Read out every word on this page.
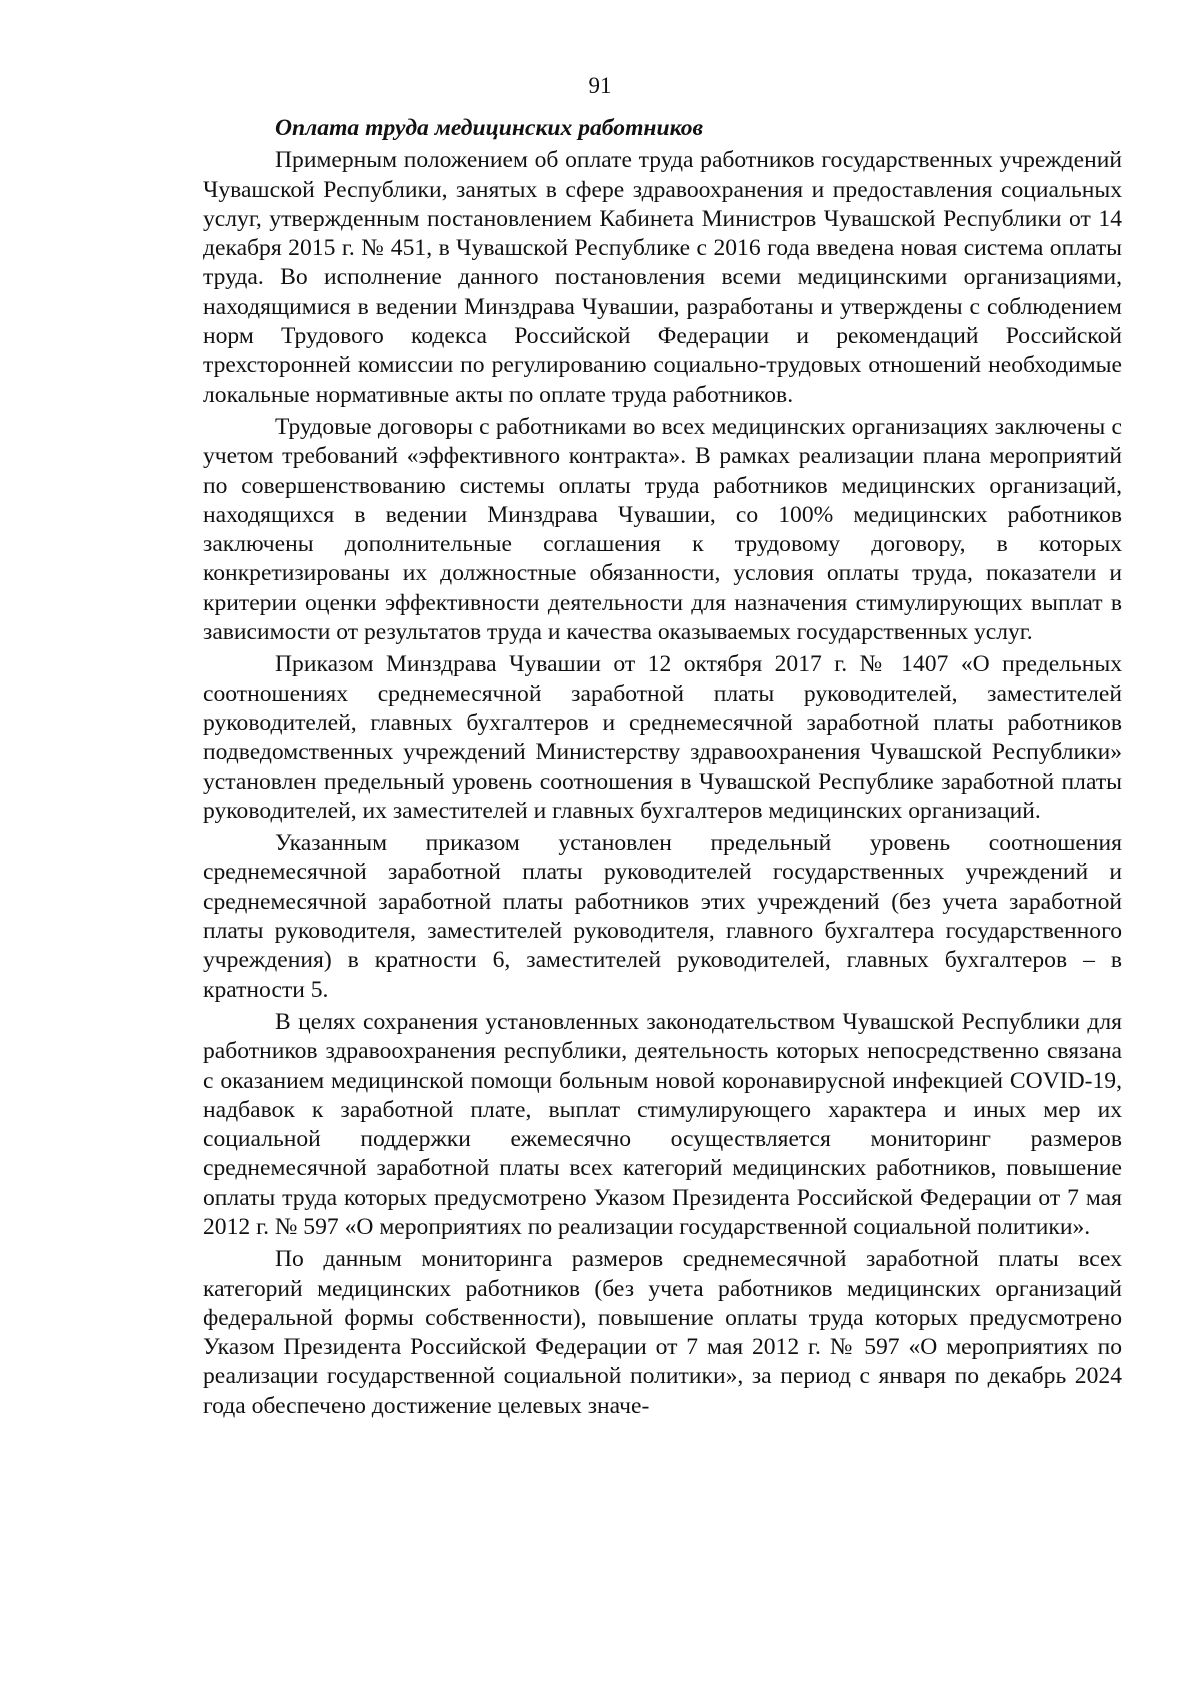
91

Оплата труда медицинских работников

Примерным положением об оплате труда работников государственных учреждений Чувашской Республики, занятых в сфере здравоохранения и предоставления социальных услуг, утвержденным постановлением Кабинета Министров Чувашской Республики от 14 декабря 2015 г. № 451, в Чувашской Республике с 2016 года введена новая система оплаты труда. Во исполнение данного постановления всеми медицинскими организациями, находящимися в ведении Минздрава Чувашии, разработаны и утверждены с соблюдением норм Трудового кодекса Российской Федерации и рекомендаций Российской трехсторонней комиссии по регулированию социально-трудовых отношений необходимые локальные нормативные акты по оплате труда работников.

Трудовые договоры с работниками во всех медицинских организациях заключены с учетом требований «эффективного контракта». В рамках реализации плана мероприятий по совершенствованию системы оплаты труда работников медицинских организаций, находящихся в ведении Минздрава Чувашии, со 100% медицинских работников заключены дополнительные соглашения к трудовому договору, в которых конкретизированы их должностные обязанности, условия оплаты труда, показатели и критерии оценки эффективности деятельности для назначения стимулирующих выплат в зависимости от результатов труда и качества оказываемых государственных услуг.

Приказом Минздрава Чувашии от 12 октября 2017 г. № 1407 «О предельных соотношениях среднемесячной заработной платы руководителей, заместителей руководителей, главных бухгалтеров и среднемесячной заработной платы работников подведомственных учреждений Министерству здравоохранения Чувашской Республики» установлен предельный уровень соотношения в Чувашской Республике заработной платы руководителей, их заместителей и главных бухгалтеров медицинских организаций.

Указанным приказом установлен предельный уровень соотношения среднемесячной заработной платы руководителей государственных учреждений и среднемесячной заработной платы работников этих учреждений (без учета заработной платы руководителя, заместителей руководителя, главного бухгалтера государственного учреждения) в кратности 6, заместителей руководителей, главных бухгалтеров – в кратности 5.

В целях сохранения установленных законодательством Чувашской Республики для работников здравоохранения республики, деятельность которых непосредственно связана с оказанием медицинской помощи больным новой коронавирусной инфекцией COVID-19, надбавок к заработной плате, выплат стимулирующего характера и иных мер их социальной поддержки ежемесячно осуществляется мониторинг размеров среднемесячной заработной платы всех категорий медицинских работников, повышение оплаты труда которых предусмотрено Указом Президента Российской Федерации от 7 мая 2012 г. № 597 «О мероприятиях по реализации государственной социальной политики».

По данным мониторинга размеров среднемесячной заработной платы всех категорий медицинских работников (без учета работников медицинских организаций федеральной формы собственности), повышение оплаты труда которых предусмотрено Указом Президента Российской Федерации от 7 мая 2012 г. № 597 «О мероприятиях по реализации государственной социальной политики», за период с января по декабрь 2024 года обеспечено достижение целевых значе-
